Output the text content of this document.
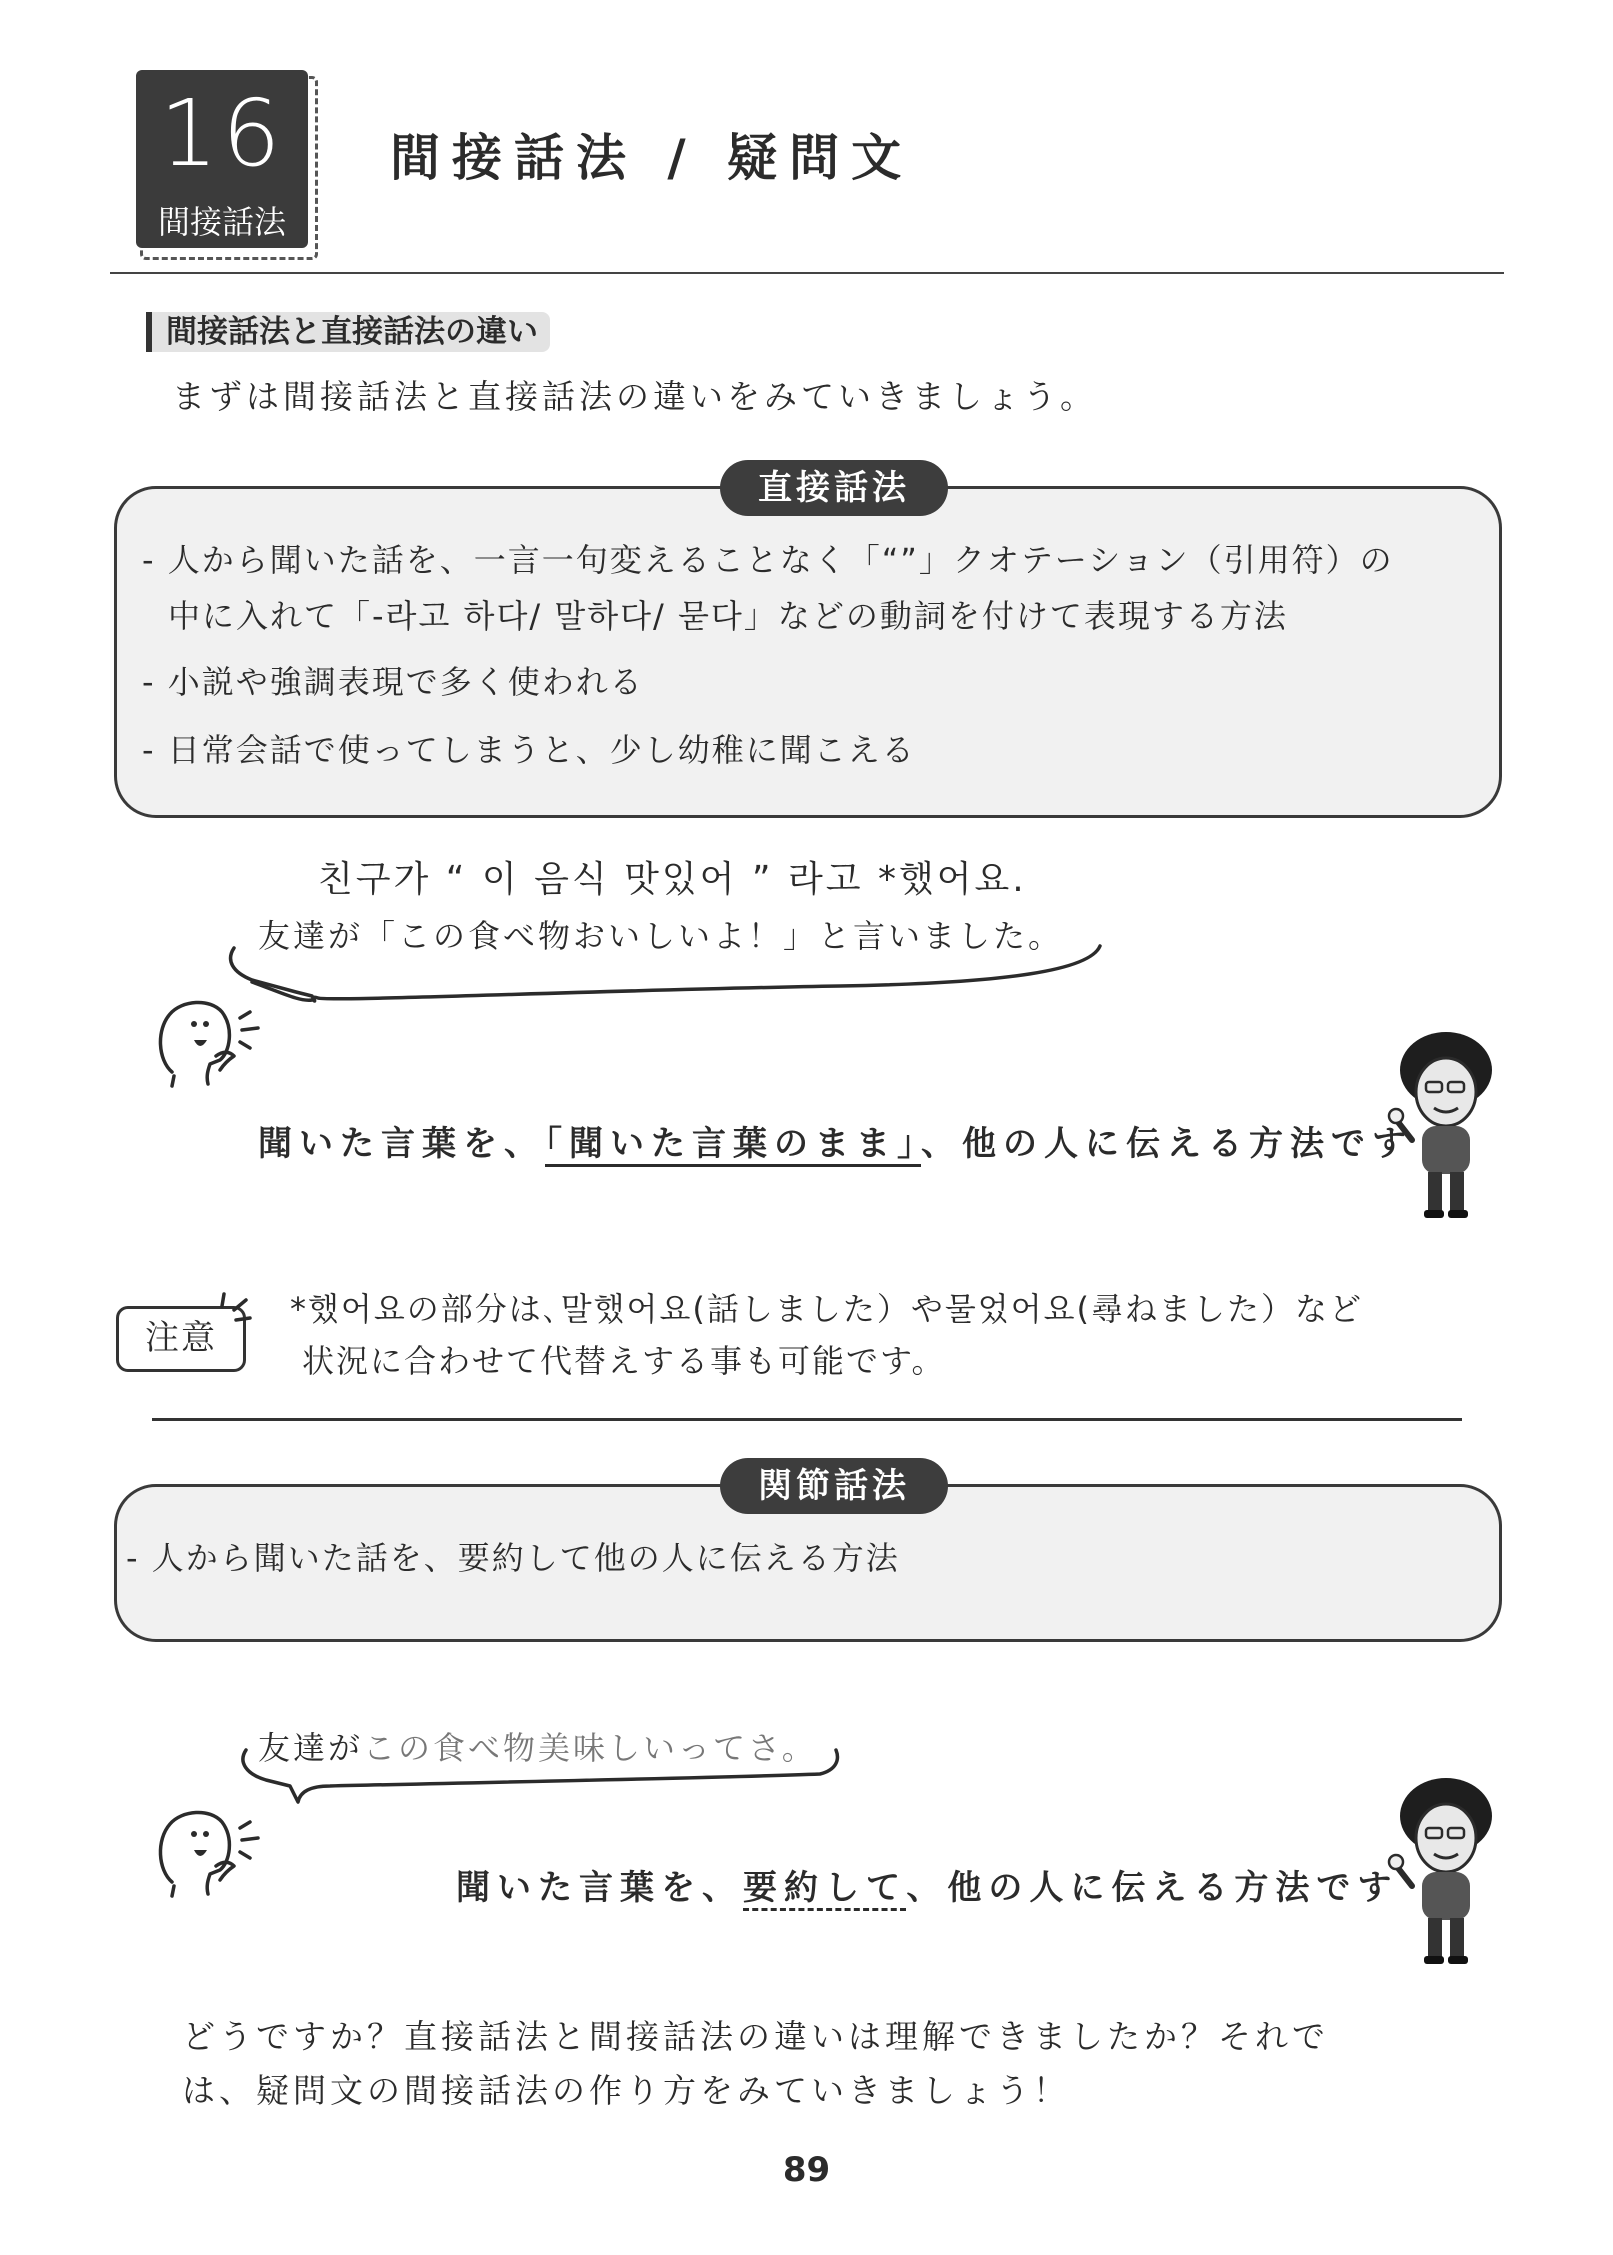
16
間接話法
間接話法 / 疑問文
間接話法と直接話法の違い
まずは間接話法と直接話法の違いをみていきましょう。
直接話法
- 人から聞いた話を、一言一句変えることなく「“”」クオテーション（引用符）の
中に入れて「-라고 하다/ 말하다/ 묻다」などの動詞を付けて表現する方法
- 小説や強調表現で多く使われる
- 日常会話で使ってしまうと、少し幼稚に聞こえる
친구가 “ 이 음식 맛있어 ” 라고 *했어요.
友達が「この食べ物おいしいよ！」と言いました。
聞いた言葉を、「聞いた言葉のまま」、他の人に伝える方法です
注意
*했어요の部分は､말했어요(話しました）や물었어요(尋ねました）など
状況に合わせて代替えする事も可能です。
関節話法
- 人から聞いた話を、要約して他の人に伝える方法
友達がこの食べ物美味しいってさ。
聞いた言葉を、要約して、他の人に伝える方法です
どうですか？直接話法と間接話法の違いは理解できましたか？それで
は、疑問文の間接話法の作り方をみていきましょう！
89
